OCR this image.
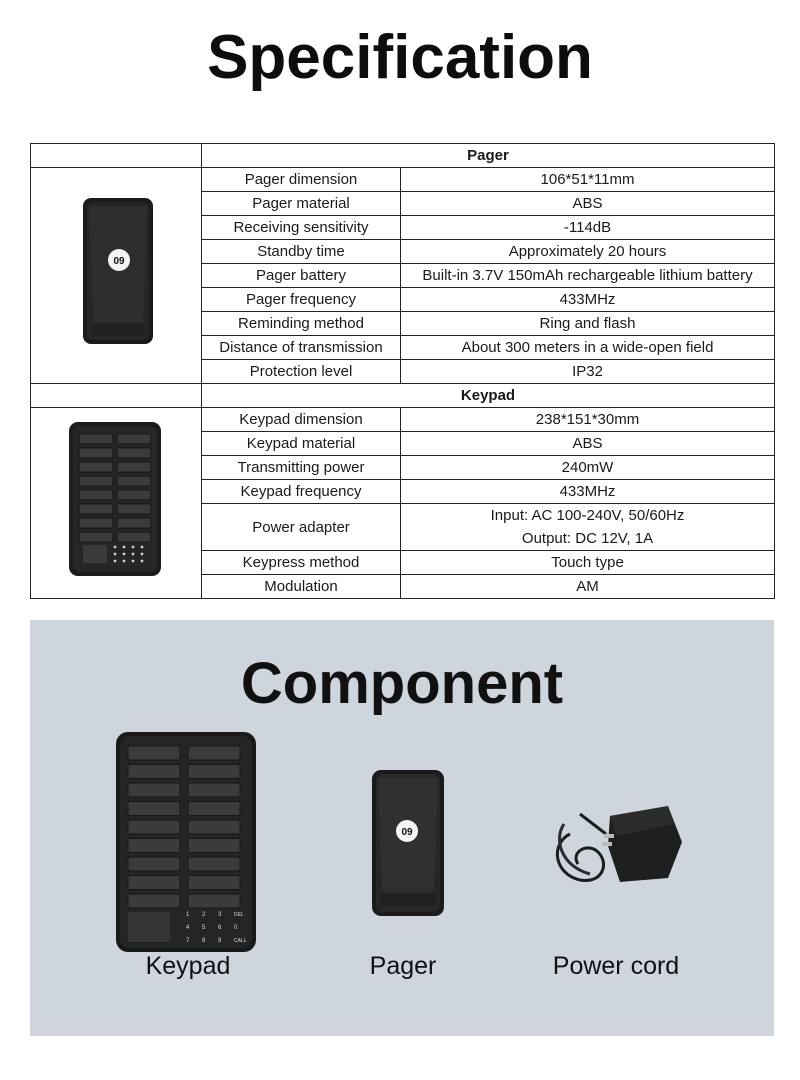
Specification
	Pager	

09	Pager dimension	106*51*11mm
	Pager material	ABS
	Receiving sensitivity	-114dB
	Standby time	Approximately 20 hours
	Pager battery	Built-in 3.7V 150mAh rechargeable lithium battery
	Pager frequency	433MHz
	Reminding method	Ring and flash
	Distance of transmission	About 300 meters in a wide-open field
	Protection level	IP32
	Keypad	
	Keypad dimension	238*151*30mm
	Keypad material	ABS
	Transmitting power	240mW
	Keypad frequency	433MHz
	Power adapter	Input: AC 100-240V, 50/60Hz
		Output: DC 12V, 1A
	Keypress method	Touch type
	Modulation	AM
Component
1 2 3	DEL
4 5 6 0
7 8 9	CALL
09
Keypad	Pager	Power cord
